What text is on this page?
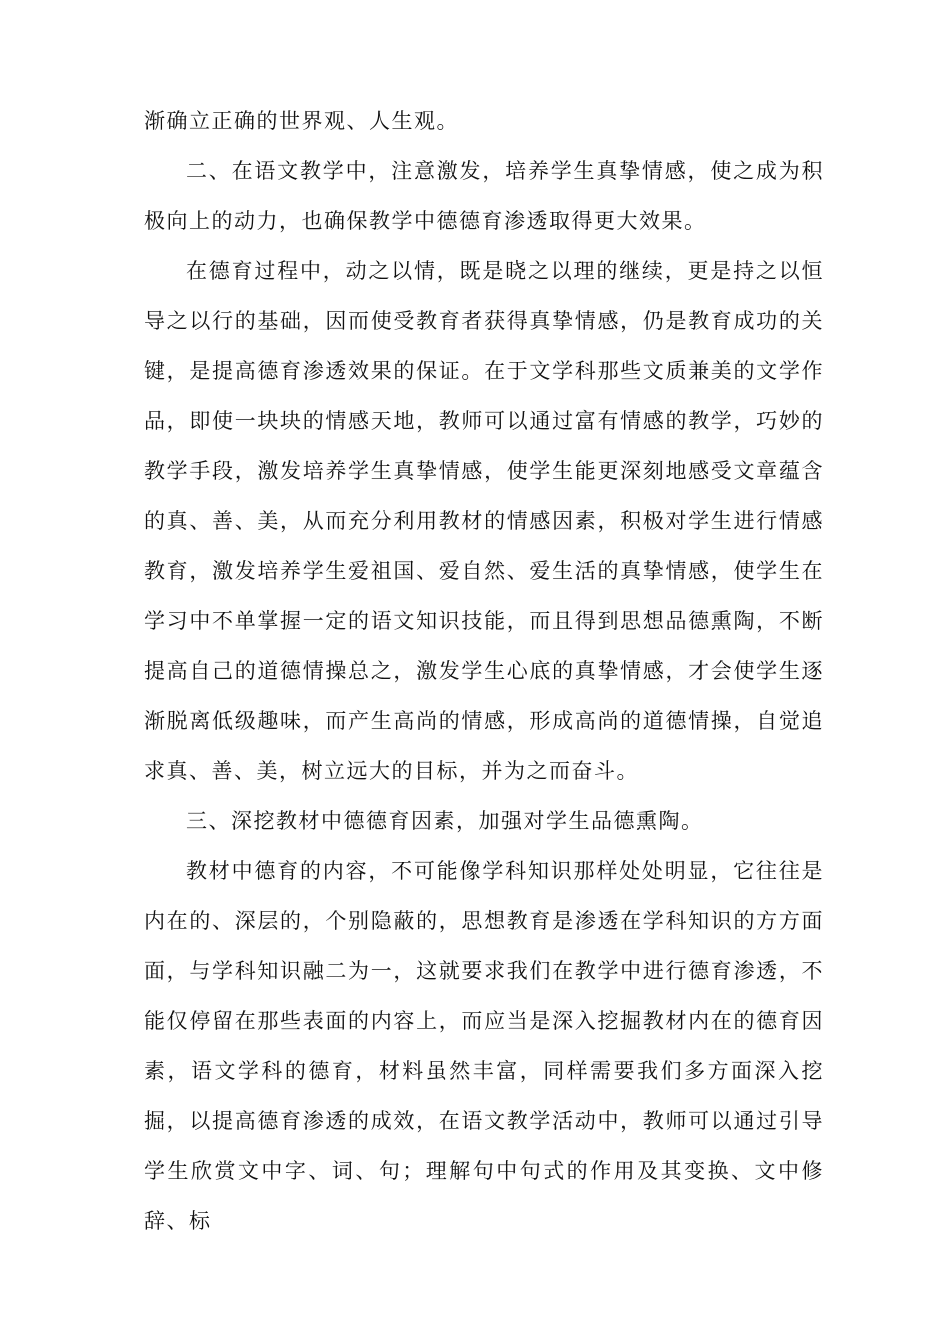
渐确立正确的世界观、人生观。

二、在语文教学中，注意激发，培养学生真挚情感，使之成为积极向上的动力，也确保教学中德德育渗透取得更大效果。

在德育过程中，动之以情，既是晓之以理的继续，更是持之以恒导之以行的基础，因而使受教育者获得真挚情感，仍是教育成功的关键，是提高德育渗透效果的保证。在于文学科那些文质兼美的文学作品，即使一块块的情感天地，教师可以通过富有情感的教学，巧妙的教学手段，激发培养学生真挚情感，使学生能更深刻地感受文章蕴含的真、善、美，从而充分利用教材的情感因素，积极对学生进行情感教育，激发培养学生爱祖国、爱自然、爱生活的真挚情感，使学生在学习中不单掌握一定的语文知识技能，而且得到思想品德熏陶，不断提高自己的道德情操总之，激发学生心底的真挚情感，才会使学生逐渐脱离低级趣味，而产生高尚的情感，形成高尚的道德情操，自觉追求真、善、美，树立远大的目标，并为之而奋斗。

三、深挖教材中德德育因素，加强对学生品德熏陶。

教材中德育的内容，不可能像学科知识那样处处明显，它往往是内在的、深层的，个别隐蔽的，思想教育是渗透在学科知识的方方面面，与学科知识融二为一，这就要求我们在教学中进行德育渗透，不能仅停留在那些表面的内容上，而应当是深入挖掘教材内在的德育因素，语文学科的德育，材料虽然丰富，同样需要我们多方面深入挖掘，以提高德育渗透的成效，在语文教学活动中，教师可以通过引导学生欣赏文中字、词、句；理解句中句式的作用及其变换、文中修辞、标
